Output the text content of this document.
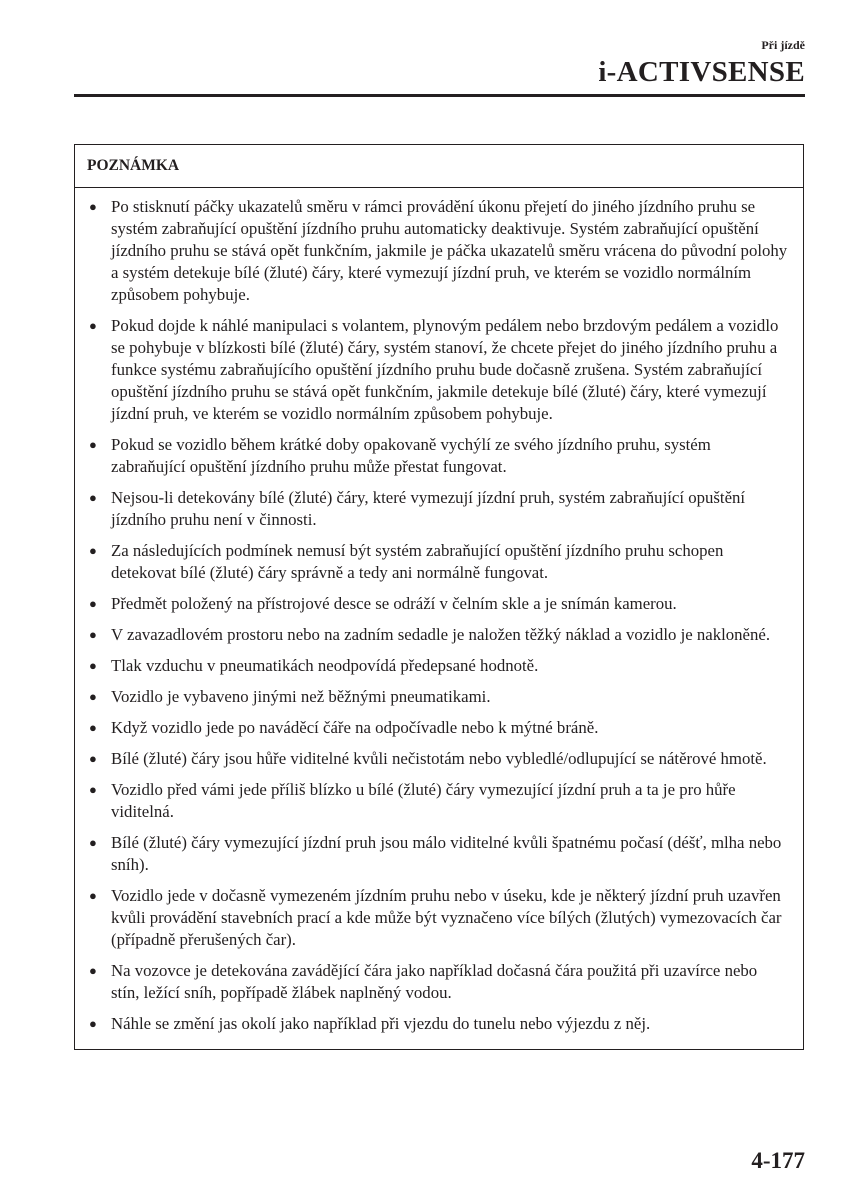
Při jízdě
i-ACTIVSENSE
POZNÁMKA
● Po stisknutí páčky ukazatelů směru v rámci provádění úkonu přejetí do jiného jízdního pruhu se systém zabraňující opuštění jízdního pruhu automaticky deaktivuje. Systém zabraňující opuštění jízdního pruhu se stává opět funkčním, jakmile je páčka ukazatelů směru vrácena do původní polohy a systém detekuje bílé (žluté) čáry, které vymezují jízdní pruh, ve kterém se vozidlo normálním způsobem pohybuje.
● Pokud dojde k náhlé manipulaci s volantem, plynovým pedálem nebo brzdovým pedálem a vozidlo se pohybuje v blízkosti bílé (žluté) čáry, systém stanoví, že chcete přejet do jiného jízdního pruhu a funkce systému zabraňujícího opuštění jízdního pruhu bude dočasně zrušena. Systém zabraňující opuštění jízdního pruhu se stává opět funkčním, jakmile detekuje bílé (žluté) čáry, které vymezují jízdní pruh, ve kterém se vozidlo normálním způsobem pohybuje.
● Pokud se vozidlo během krátké doby opakovaně vychýlí ze svého jízdního pruhu, systém zabraňující opuštění jízdního pruhu může přestat fungovat.
● Nejsou-li detekovány bílé (žluté) čáry, které vymezují jízdní pruh, systém zabraňující opuštění jízdního pruhu není v činnosti.
● Za následujících podmínek nemusí být systém zabraňující opuštění jízdního pruhu schopen detekovat bílé (žluté) čáry správně a tedy ani normálně fungovat.
● Předmět položený na přístrojové desce se odráží v čelním skle a je snímán kamerou.
● V zavazadlovém prostoru nebo na zadním sedadle je naložen těžký náklad a vozidlo je nakloněné.
● Tlak vzduchu v pneumatikách neodpovídá předepsané hodnotě.
● Vozidlo je vybaveno jinými než běžnými pneumatikami.
● Když vozidlo jede po naváděcí čáře na odpočívadle nebo k mýtné bráně.
● Bílé (žluté) čáry jsou hůře viditelné kvůli nečistotám nebo vybledlé/odlupující se nátěrové hmotě.
● Vozidlo před vámi jede příliš blízko u bílé (žluté) čáry vymezující jízdní pruh a ta je pro hůře viditelná.
● Bílé (žluté) čáry vymezující jízdní pruh jsou málo viditelné kvůli špatnému počasí (déšť, mlha nebo sníh).
● Vozidlo jede v dočasně vymezeném jízdním pruhu nebo v úseku, kde je některý jízdní pruh uzavřen kvůli provádění stavebních prací a kde může být vyznačeno více bílých (žlutých) vymezovacích čar (případně přerušených čar).
● Na vozovce je detekována zavádějící čára jako například dočasná čára použitá při uzavírce nebo stín, ležící sníh, popřípadě žlábek naplněný vodou.
● Náhle se změní jas okolí jako například při vjezdu do tunelu nebo výjezdu z něj.
4-177
